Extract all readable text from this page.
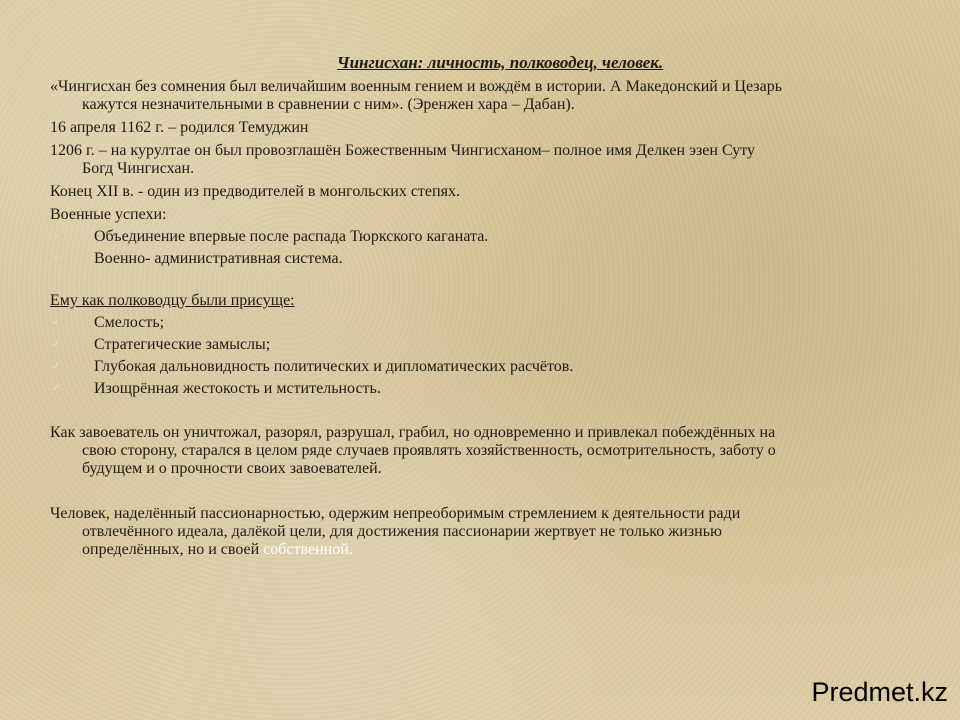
Чингисхан: личность, полководец, человек.
«Чингисхан без сомнения был величайшим военным гением и вождём в истории. А Македонский и Цезарь
кажутся незначительными в сравнении с ним». (Эренжен хара – Дабан).
16 апреля 1162 г. – родился Темуджин
1206 г. – на курултае он был провозглашён Божественным Чингисханом– полное имя Делкен эзен Суту
Богд Чингисхан.
Конец XII в. - один из предводителей в монгольских степях.
Военные успехи:
▫ Объединение впервые после распада Тюркского каганата.
▫ Военно- административная система.
Ему как полководцу были присуще:
✓ Смелость;
✓ Стратегические замыслы;
✓ Глубокая дальновидность политических и дипломатических расчётов.
✓ Изощрённая жестокость и мстительность.
Как завоеватель он уничтожал, разорял, разрушал, грабил, но одновременно и привлекал побеждённых на
свою сторону, старался в целом ряде случаев проявлять хозяйственность, осмотрительность, заботу о
будущем и о прочности своих завоевателей.
Человек, наделённый пассионарностью, одержим непреоборимым стремлением к деятельности ради
отвлечённого идеала, далёкой цели, для достижения пассионарии жертвует не только жизнью
определённых, но и своей собственной.
Predmet.kz
